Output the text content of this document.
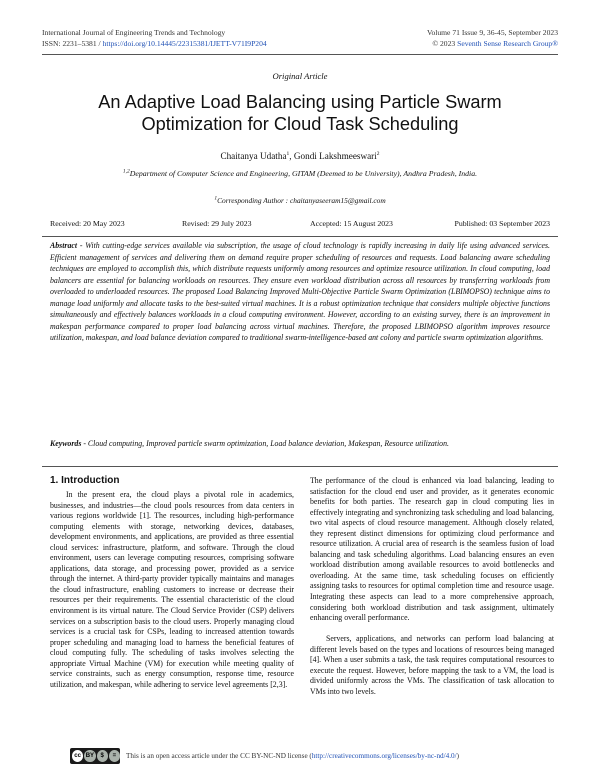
International Journal of Engineering Trends and Technology
ISSN: 2231–5381 / https://doi.org/10.14445/22315381/IJETT-V71I9P204
Volume 71 Issue 9, 36-45, September 2023
© 2023 Seventh Sense Research Group®
Original Article
An Adaptive Load Balancing using Particle Swarm
Optimization for Cloud Task Scheduling
Chaitanya Udatha$^1$, Gondi Lakshmeeswari$^2$
$^{1,2}$Department of Computer Science and Engineering, GITAM (Deemed to be University), Andhra Pradesh, India.
$^1$Corresponding Author : chaitanyaseeram15@gmail.com
Received: 20 May 2023	Revised: 29 July 2023	Accepted: 15 August 2023	Published: 03 September 2023
Abstract - With cutting-edge services available via subscription, the usage of cloud technology is rapidly increasing in daily life using advanced services. Efficient management of services and delivering them on demand require proper scheduling of resources and requests. Load balancing aware scheduling techniques are employed to accomplish this, which distribute requests uniformly among resources and optimize resource utilization. In cloud computing, load balancers are essential for balancing workloads on resources. They ensure even workload distribution across all resources by transferring workloads from overloaded to underloaded resources. The proposed Load Balancing Improved Multi-Objective Particle Swarm Optimization (LBIMOPSO) technique aims to manage load uniformly and allocate tasks to the best-suited virtual machines. It is a robust optimization technique that considers multiple objective functions simultaneously and effectively balances workloads in a cloud computing environment. However, according to an existing survey, there is an improvement in makespan performance compared to proper load balancing across virtual machines. Therefore, the proposed LBIMOPSO algorithm improves resource utilization, makespan, and load balance deviation compared to traditional swarm-intelligence-based ant colony and particle swarm optimization algorithms.
Keywords - Cloud computing, Improved particle swarm optimization, Load balance deviation, Makespan, Resource utilization.
1. Introduction

In the present era, the cloud plays a pivotal role in academics, businesses, and industries—the cloud pools resources from data centers in various regions worldwide [1]. The resources, including high-performance computing elements with storage, networking devices, databases, development environments, and applications, are provided as three essential cloud services: infrastructure, platform, and software. Through the cloud environment, users can leverage computing resources, comprising software applications, data storage, and processing power, provided as a service through the internet. A third-party provider typically maintains and manages the cloud infrastructure, enabling customers to increase or decrease their resources per their requirements. The essential characteristic of the cloud environment is its virtual nature. The Cloud Service Provider (CSP) delivers services on a subscription basis to the cloud users. Properly managing cloud services is a crucial task for CSPs, leading to increased attention towards proper scheduling and managing load to harness the beneficial features of cloud computing fully. The scheduling of tasks involves selecting the appropriate Virtual Machine (VM) for execution while meeting quality of service constraints, such as energy consumption, response time, resource utilization, and makespan, while adhering to service level agreements [2,3].

The performance of the cloud is enhanced via load balancing, leading to satisfaction for the cloud end user and provider, as it generates economic benefits for both parties. The research gap in cloud computing lies in effectively integrating and synchronizing task scheduling and load balancing, two vital aspects of cloud resource management. Although closely related, they represent distinct dimensions for optimizing cloud performance and resource utilization. A crucial area of research is the seamless fusion of load balancing and task scheduling algorithms. Load balancing ensures an even workload distribution among available resources to avoid bottlenecks and overloading. At the same time, task scheduling focuses on efficiently assigning tasks to resources for optimal completion time and resource usage. Integrating these aspects can lead to a more comprehensive approach, considering both workload distribution and task assignment, ultimately enhancing overall performance.

Servers, applications, and networks can perform load balancing at different levels based on the types and locations of resources being managed [4]. When a user submits a task, the task requires computational resources to execute the request. However, before mapping the task to a VM, the load is divided uniformly across the VMs. The classification of task allocation to VMs into two levels.

cc BY	$	=	This is an open access article under the CC BY-NC-ND license (http://creativecommons.org/licenses/by-nc-nd/4.0/)
